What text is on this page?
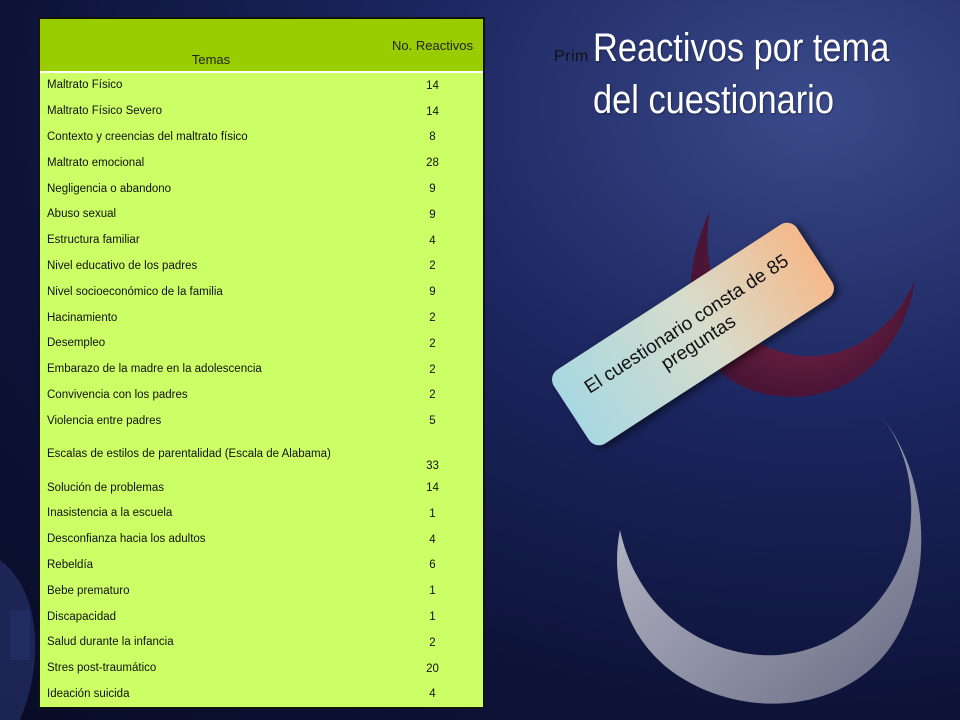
Prim Reactivos por tema del cuestionario
Temas	No. Reactivos
Maltrato Físico	14
Maltrato Físico Severo	14
Contexto y creencias del maltrato físico	8
Maltrato emocional	28
Negligencia o abandono	9
Abuso sexual	9
Estructura familiar	4
Nivel educativo de los padres	2
Nivel socioeconómico de la familia	9
Hacinamiento	2
Desempleo	2
Embarazo de la madre en la adolescencia	2
Convivencia con los padres	2
Violencia entre padres	5
Escalas de estilos de parentalidad (Escala de Alabama)	33
Solución de problemas	14
Inasistencia a la escuela	1
Desconfianza hacia los adultos	4
Rebeldía	6
Bebe prematuro	1
Discapacidad	1
Salud durante la infancia	2
Stres post-traumático	20
Ideación suicida	4
El cuestionario consta de 85 preguntas
